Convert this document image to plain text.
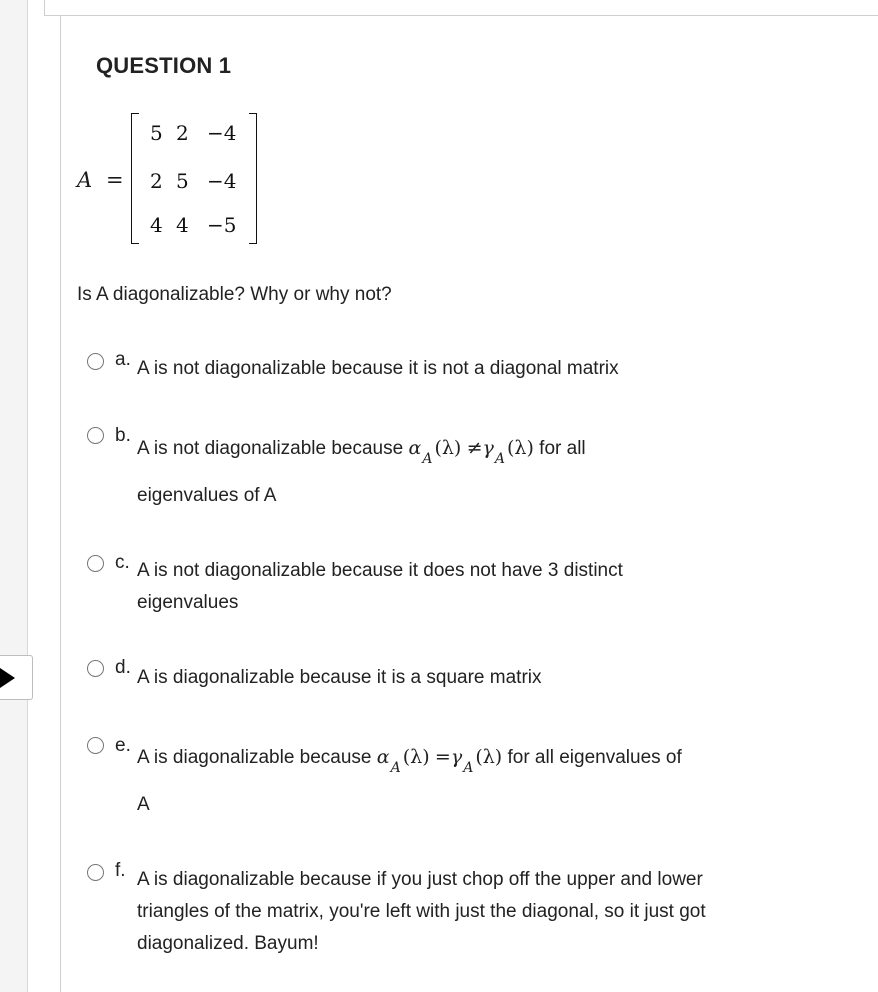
QUESTION 1
A =
5 2 −4
2 5 −4
4 4 −5
Is A diagonalizable? Why or why not?
a. A is not diagonalizable because it is not a diagonal matrix
b.
A is not diagonalizable because $\alpha_A$ $(\lambda) \ne\gamma_A$ (λ) for all
eigenvalues of A
c. A is not diagonalizable because it does not have 3 distinct
eigenvalues
d. A is diagonalizable because it is a square matrix
e.
A is diagonalizable because $\alpha_A$ $(\lambda) =\gamma_A$ (λ) for all eigenvalues of
A
f. A is diagonalizable because if you just chop off the upper and lower
triangles of the matrix, you're left with just the diagonal, so it just got
diagonalized. Bayum!
